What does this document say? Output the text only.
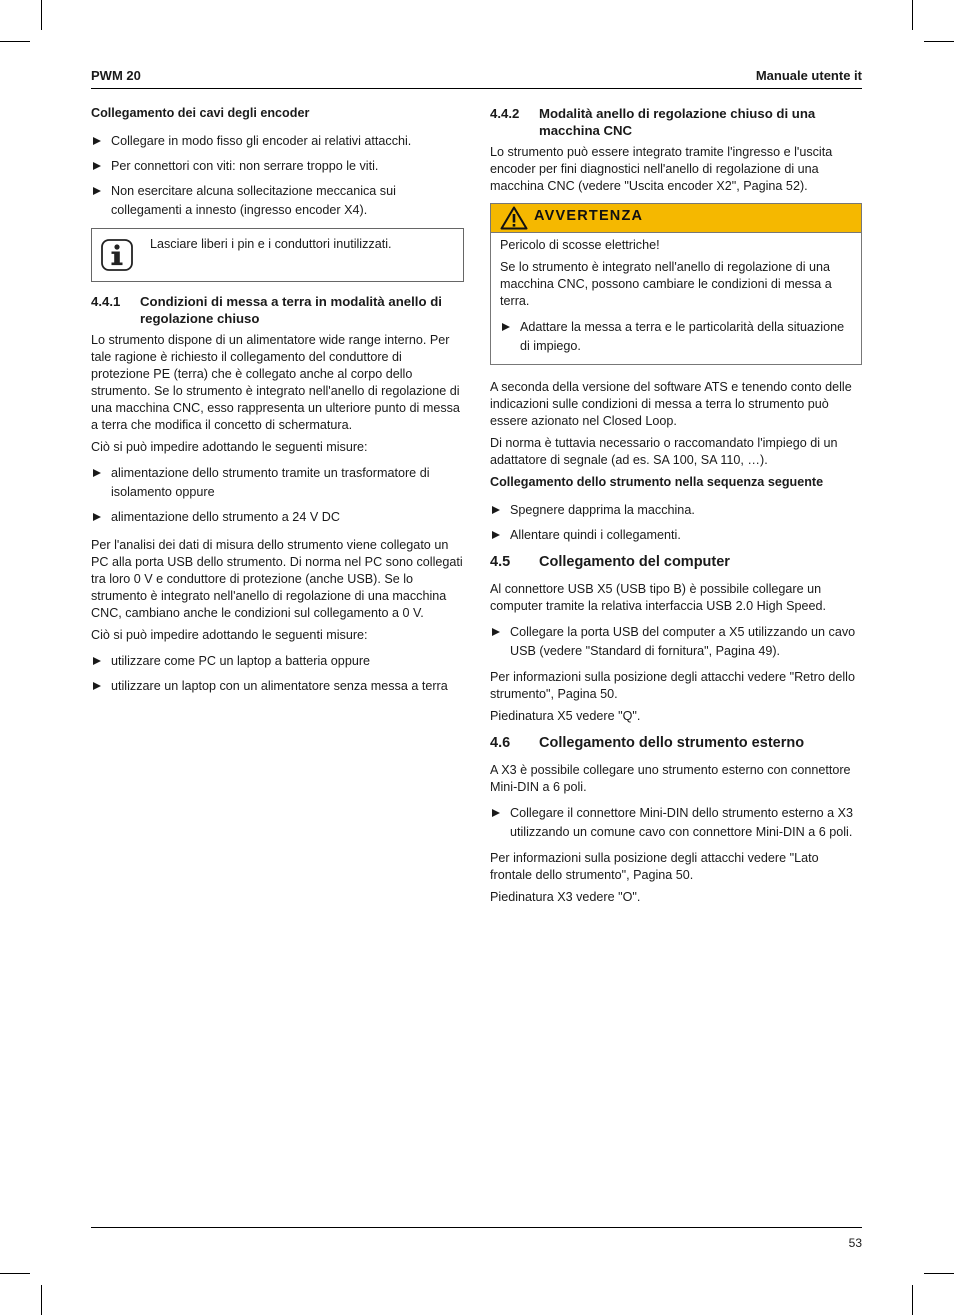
PWM 20	Manuale utente it

Collegamento dei cavi degli encoder

Collegare in modo fisso gli encoder ai relativi attacchi.
Per connettori con viti: non serrare troppo le viti.
Non esercitare alcuna sollecitazione meccanica sui collegamenti a innesto (ingresso encoder X4).
Lasciare liberi i pin e i conduttori inutilizzati.
4.4.1 Condizioni di messa a terra in modalità anello di regolazione chiuso

Lo strumento dispone di un alimentatore wide range interno. Per tale ragione è richiesto il collegamento del conduttore di protezione PE (terra) che è collegato anche al corpo dello strumento. Se lo strumento è integrato nell'anello di regolazione di una macchina CNC, esso rappresenta un ulteriore punto di messa a terra che modifica il concetto di schermatura.

Ciò si può impedire adottando le seguenti misure:

alimentazione dello strumento tramite un trasformatore di isolamento oppure
alimentazione dello strumento a 24 V DC

Per l'analisi dei dati di misura dello strumento viene collegato un PC alla porta USB dello strumento. Di norma nel PC sono collegati tra loro 0 V e conduttore di protezione (anche USB). Se lo strumento è integrato nell'anello di regolazione di una macchina CNC, cambiano anche le condizioni sul collegamento a 0 V.

Ciò si può impedire adottando le seguenti misure:

utilizzare come PC un laptop a batteria oppure
utilizzare un laptop con un alimentatore senza messa a terra
4.4.2 Modalità anello di regolazione chiuso di una macchina CNC

Lo strumento può essere integrato tramite l'ingresso e l'uscita encoder per fini diagnostici nell'anello di regolazione di una macchina CNC (vedere "Uscita encoder X2", Pagina 52).

AVVERTENZA

Pericolo di scosse elettriche!

Se lo strumento è integrato nell'anello di regolazione di una macchina CNC, possono cambiare le condizioni di messa a terra.

Adattare la messa a terra e le particolarità della situazione di impiego.

A seconda della versione del software ATS e tenendo conto delle indicazioni sulle condizioni di messa a terra lo strumento può essere azionato nel Closed Loop.

Di norma è tuttavia necessario o raccomandato l'impiego di un adattatore di segnale (ad es. SA 100, SA 110, …).

Collegamento dello strumento nella sequenza seguente

Spegnere dapprima la macchina.
Allentare quindi i collegamenti.
4.5 Collegamento del computer

Al connettore USB X5 (USB tipo B) è possibile collegare un computer tramite la relativa interfaccia USB 2.0 High Speed.

Collegare la porta USB del computer a X5 utilizzando un cavo USB (vedere "Standard di fornitura", Pagina 49).

Per informazioni sulla posizione degli attacchi vedere "Retro dello strumento", Pagina 50.

Piedinatura X5 vedere "Q".

4.6 Collegamento dello strumento esterno

A X3 è possibile collegare uno strumento esterno con connettore Mini-DIN a 6 poli.

Collegare il connettore Mini-DIN dello strumento esterno a X3 utilizzando un comune cavo con connettore Mini-DIN a 6 poli.

Per informazioni sulla posizione degli attacchi vedere "Lato frontale dello strumento", Pagina 50.

Piedinatura X3 vedere "O".

53
